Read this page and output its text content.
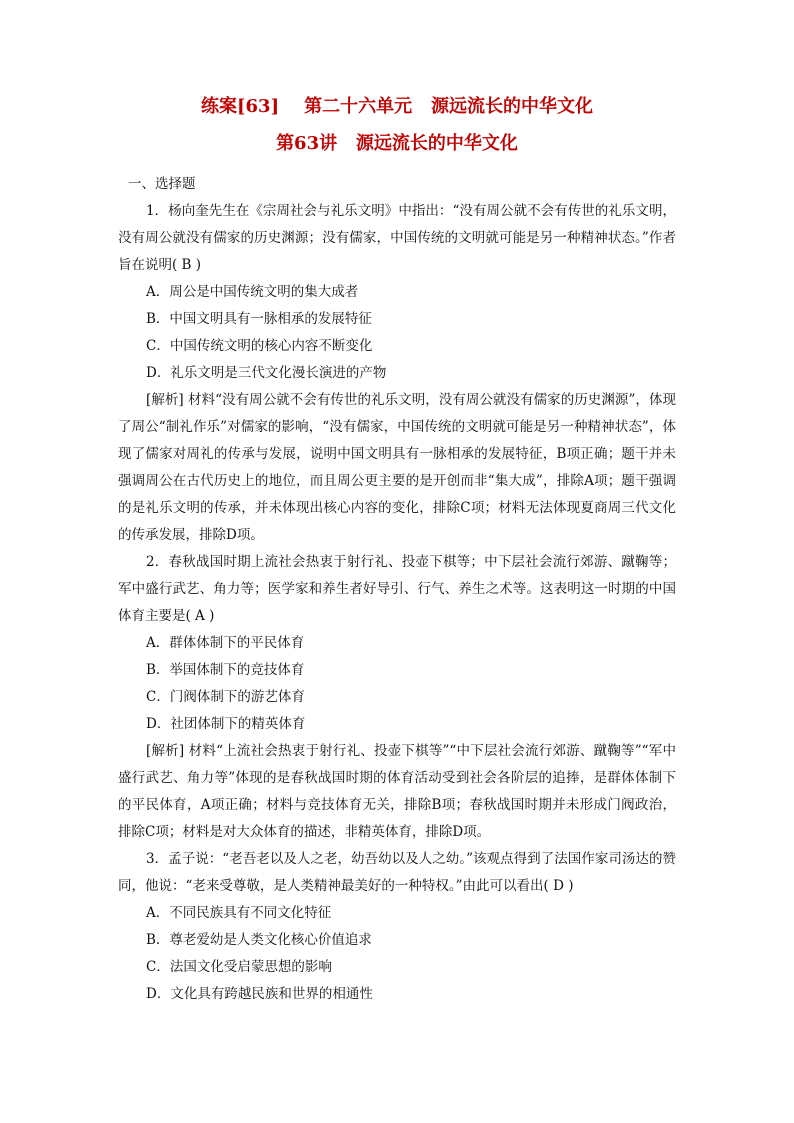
练案[63]    第二十六单元   源远流长的中华文化
第63讲   源远流长的中华文化

一、选择题

1．杨向奎先生在《宗周社会与礼乐文明》中指出：“没有周公就不会有传世的礼乐文明，没有周公就没有儒家的历史渊源；没有儒家，中国传统的文明就可能是另一种精神状态。”作者旨在说明( B )

A．周公是中国传统文明的集大成者

B．中国文明具有一脉相承的发展特征

C．中国传统文明的核心内容不断变化

D．礼乐文明是三代文化漫长演进的产物

[解析] 材料“没有周公就不会有传世的礼乐文明，没有周公就没有儒家的历史渊源”，体现了周公“制礼作乐”对儒家的影响，“没有儒家，中国传统的文明就可能是另一种精神状态”，体现了儒家对周礼的传承与发展，说明中国文明具有一脉相承的发展特征，B项正确；题干并未强调周公在古代历史上的地位，而且周公更主要的是开创而非“集大成”，排除A项；题干强调的是礼乐文明的传承，并未体现出核心内容的变化，排除C项；材料无法体现夏商周三代文化的传承发展，排除D项。

2．春秋战国时期上流社会热衷于射行礼、投壶下棋等；中下层社会流行郊游、蹴鞠等；军中盛行武艺、角力等；医学家和养生者好导引、行气、养生之术等。这表明这一时期的中国体育主要是( A )

A．群体体制下的平民体育

B．举国体制下的竞技体育

C．门阀体制下的游艺体育

D．社团体制下的精英体育

[解析] 材料“上流社会热衷于射行礼、投壶下棋等”“中下层社会流行郊游、蹴鞠等”“军中盛行武艺、角力等”体现的是春秋战国时期的体育活动受到社会各阶层的追捧，是群体体制下的平民体育，A项正确；材料与竞技体育无关，排除B项；春秋战国时期并未形成门阀政治，排除C项；材料是对大众体育的描述，非精英体育，排除D项。

3．孟子说：“老吾老以及人之老，幼吾幼以及人之幼。”该观点得到了法国作家司汤达的赞同，他说：“老来受尊敬，是人类精神最美好的一种特权。”由此可以看出( D )

A．不同民族具有不同文化特征

B．尊老爱幼是人类文化核心价值追求

C．法国文化受启蒙思想的影响

D．文化具有跨越民族和世界的相通性
